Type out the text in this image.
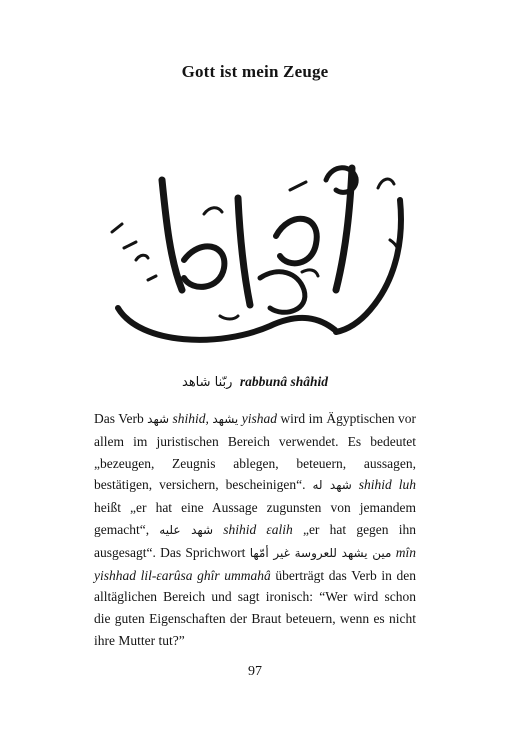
Gott ist mein Zeuge
ربّنا شاهد rabbunâ shâhid
Das Verb شهد shihid, يشهد yishad wird im Ägyptischen vor allem im juristischen Bereich verwendet. Es bedeutet „bezeugen, Zeugnis ablegen, beteuern, aussagen, bestätigen, versichern, bescheinigen“. شهد له shihid luh heißt „er hat eine Aussage zugunsten von jemandem gemacht“, شهد عليه shihid ɛalih „er hat gegen ihn ausgesagt“. Das Sprichwort مين يشهد للعروسة غير أمّها mîn yishhad lil-ɛarûsa ghîr ummahâ überträgt das Verb in den alltäglichen Bereich und sagt ironisch: “Wer wird schon die guten Eigenschaften der Braut beteuern, wenn es nicht ihre Mutter tut?”
97
